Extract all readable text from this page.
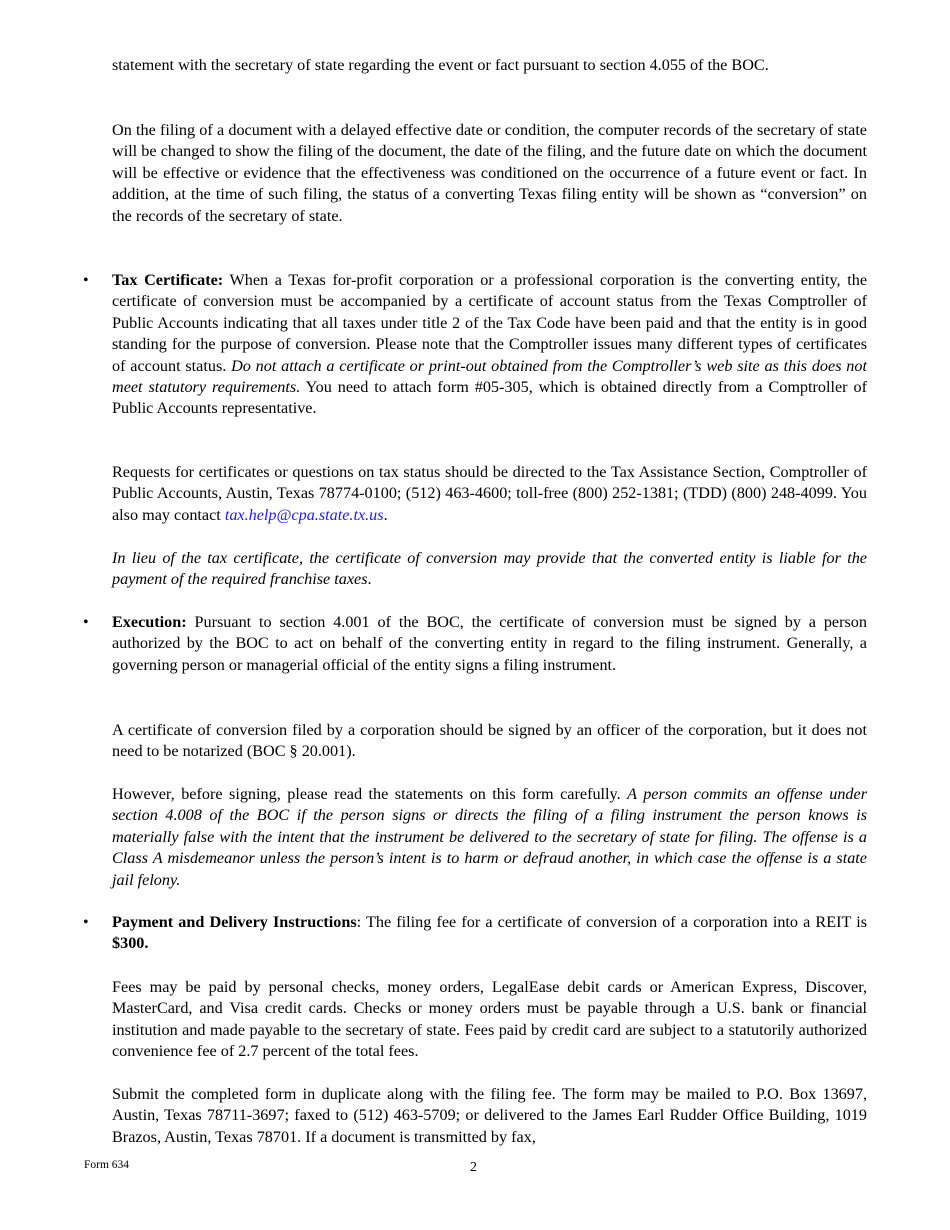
statement with the secretary of state regarding the event or fact pursuant to section 4.055 of the BOC.

On the filing of a document with a delayed effective date or condition, the computer records of the secretary of state will be changed to show the filing of the document, the date of the filing, and the future date on which the document will be effective or evidence that the effectiveness was conditioned on the occurrence of a future event or fact. In addition, at the time of such filing, the status of a converting Texas filing entity will be shown as “conversion” on the records of the secretary of state.

• Tax Certificate: When a Texas for-profit corporation or a professional corporation is the converting entity, the certificate of conversion must be accompanied by a certificate of account status from the Texas Comptroller of Public Accounts indicating that all taxes under title 2 of the Tax Code have been paid and that the entity is in good standing for the purpose of conversion. Please note that the Comptroller issues many different types of certificates of account status. Do not attach a certificate or print-out obtained from the Comptroller’s web site as this does not meet statutory requirements. You need to attach form #05-305, which is obtained directly from a Comptroller of Public Accounts representative.

Requests for certificates or questions on tax status should be directed to the Tax Assistance Section, Comptroller of Public Accounts, Austin, Texas 78774-0100; (512) 463-4600; toll-free (800) 252-1381; (TDD) (800) 248-4099. You also may contact tax.help@cpa.state.tx.us.

In lieu of the tax certificate, the certificate of conversion may provide that the converted entity is liable for the payment of the required franchise taxes.

• Execution: Pursuant to section 4.001 of the BOC, the certificate of conversion must be signed by a person authorized by the BOC to act on behalf of the converting entity in regard to the filing instrument. Generally, a governing person or managerial official of the entity signs a filing instrument.

A certificate of conversion filed by a corporation should be signed by an officer of the corporation, but it does not need to be notarized (BOC § 20.001).

However, before signing, please read the statements on this form carefully. A person commits an offense under section 4.008 of the BOC if the person signs or directs the filing of a filing instrument the person knows is materially false with the intent that the instrument be delivered to the secretary of state for filing. The offense is a Class A misdemeanor unless the person’s intent is to harm or defraud another, in which case the offense is a state jail felony.

• Payment and Delivery Instructions: The filing fee for a certificate of conversion of a corporation into a REIT is $300.

Fees may be paid by personal checks, money orders, LegalEase debit cards or American Express, Discover, MasterCard, and Visa credit cards. Checks or money orders must be payable through a U.S. bank or financial institution and made payable to the secretary of state. Fees paid by credit card are subject to a statutorily authorized convenience fee of 2.7 percent of the total fees.

Submit the completed form in duplicate along with the filing fee. The form may be mailed to P.O. Box 13697, Austin, Texas 78711-3697; faxed to (512) 463-5709; or delivered to the James Earl Rudder Office Building, 1019 Brazos, Austin, Texas 78701. If a document is transmitted by fax,

Form 634	2
